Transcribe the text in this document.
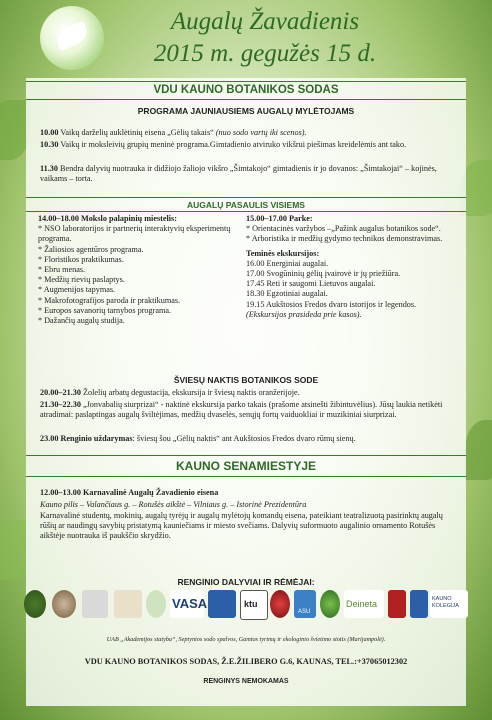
Augalų Žavadienis
2015 m. gegužės 15 d.
VDU KAUNO BOTANIKOS SODAS
PROGRAMA JAUNIAUSIEMS AUGALŲ MYLĖTOJAMS
10.00 Vaikų darželių auklėtinių eisena „Gėlių takais“ (nuo sodo vartų iki scenos).
10.30 Vaikų ir moksleivių grupių meninė programa.Gimtadienio atviruko vikšrui piešimas kreidelėmis ant tako.
11.30 Bendra dalyvių nuotrauka ir didžiojo žaliojo vikšro „Šimtakojo“ gimtadienis ir jo dovanos: „Šimtakojai“ – kojinės, vaikams – torta.
AUGALŲ PASAULIS VISIEMS
14.00–18.00 Mokslo palapinių miestelis:
* NSO laboratorijos ir partnerių interaktyvių eksperimentų programa.
* Žaliosios agentūros programa.
* Floristikos praktikumas.
* Ebru menas.
* Medžių rievių paslaptys.
* Augmenijos tapymas.
* Makrofotografijos paroda ir praktikumas.
* Europos savanorių tarnybos programa.
* Dažančių augalų studija.
15.00–17.00 Parke:
* Orientacinės varžybos –„Pažink augalus botanikos sode“.
* Arboristika ir medžių gydymo technikos demonstravimas.
Teminės ekskursijos:
16.00 Energiniai augalai.
17.00 Svogūninių gėlių įvairovė ir jų priežiūra.
17.45 Reti ir saugomi Lietuvos augalai.
18.30 Egzotiniai augalai.
19.15 Aukštosios Fredos dvaro istorijos ir legendos.
(Ekskursijos prasideda prie kasos).
ŠVIESŲ NAKTIS BOTANIKOS SODE
20.00–21.30 Žolelių arbatų degustacija, ekskursija ir šviesų naktis oranžerijoje.
21.30–22.30 „Jonvabalių siurprizai“ - naktinė ekskursija parko takais (prašome atsinešti žibintuvėlius). Jūsų laukia netikėti atradimai: paslaptingas augalų šviltėjimas, medžių dvaselės, senųjų fortų vaiduokliai ir muzikiniai siurprizai.
23.00 Renginio uždarymas: šviesų šou „Gėlių naktis“ ant Aukštosios Fredos dvaro rūmų sienų.
KAUNO SENAMIESTYJE
12.00–13.00 Karnavalinė Augalų Žavadienio eisena
Kauno pilis – Valančiaus g. – Rotušės aikštė – Vilniaus g. – Istorinė Prezidentūra
Karnavalinė studentų, mokinių, augalų tyrėjų ir augalų mylėtojų komandų eisena, pateikiant teatralizuotą pasirinktų augalų rūšių ar naudingų savybių pristatymą kauniečiams ir miesto svečiams. Dalyvių suformuoto augalinio ornamento Rotušės aikštėje nuotrauka iš paukščio skrydžio.
RENGINIO DALYVIAI IR RĖMĖJAI:
VASA	ktu
ASU
Deineta	KAUNO KOLEGIJA
UAB „Akademijos statyba“, Septynios sodo spalvos, Gamtos tyrimų ir ekologinio švietimo stotis (Marijampolė).
VDU KAUNO BOTANIKOS SODAS, Ž.E.ŽILIBERO G.6, KAUNAS, TEL.:+37065012302
RENGINYS NEMOKAMAS
